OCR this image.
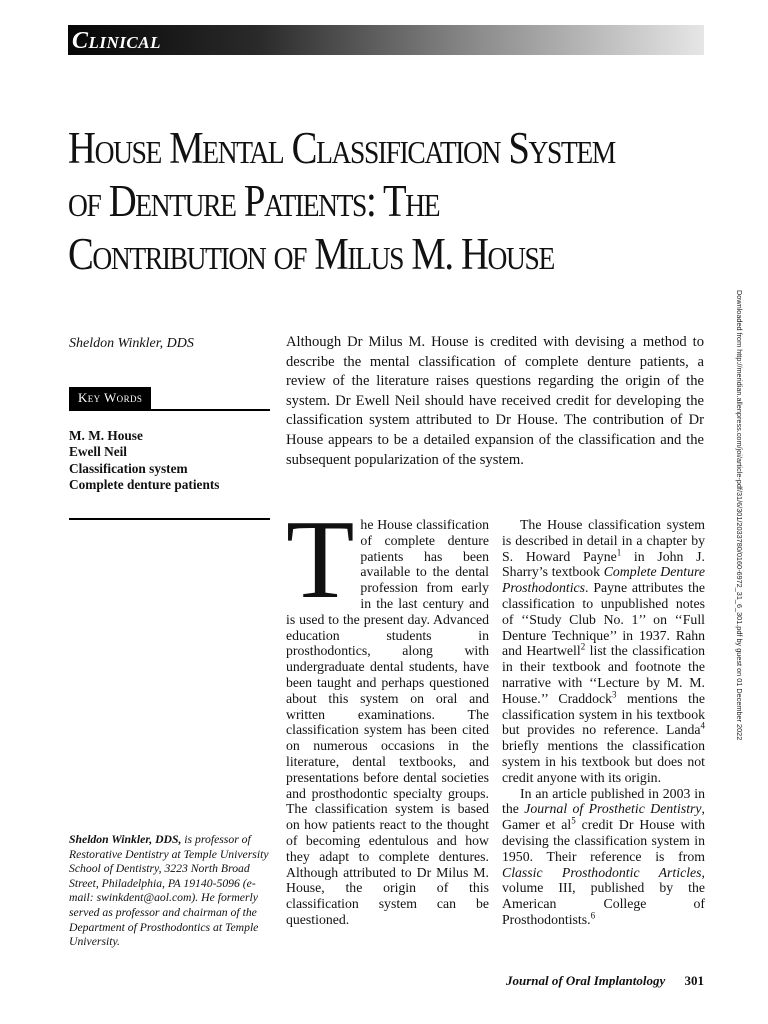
Clinical
House Mental Classification System of Denture Patients: The Contribution of Milus M. House
Sheldon Winkler, DDS
Key Words
M. M. House
Ewell Neil
Classification system
Complete denture patients

Although Dr Milus M. House is credited with devising a method to describe the mental classification of complete denture patients, a review of the literature raises questions regarding the origin of the system. Dr Ewell Neil should have received credit for developing the classification system attributed to Dr House. The contribution of Dr House appears to be a detailed expansion of the classification and the subsequent popularization of the system.

T he House classification of complete denture patients has been available to the dental profession from early in the last century and is used to the present day. Advanced education students in prosthodontics, along with undergraduate dental students, have been taught and perhaps questioned about this system on oral and written examinations. The classification system has been cited on numerous occasions in the literature, dental textbooks, and presentations before dental societies and prosthodontic specialty groups. The classification system is based on how patients react to the thought of becoming edentulous and how they adapt to complete dentures. Although attributed to Dr Milus M. House, the origin of this classification system can be questioned.

The House classification system is described in detail in a chapter by S. Howard Payne$^1$ in John J. Sharry’s textbook Complete Denture Prosthodontics. Payne attributes the classification to unpublished notes of ‘‘Study Club No. 1’’ on ‘‘Full Denture Technique’’ in 1937. Rahn and Heartwell$^2$ list the classification in their textbook and footnote the narrative with ‘‘Lecture by M. M. House.’’ Craddock$^3$ mentions the classification system in his textbook but provides no reference. Landa$^4$ briefly mentions the classification system in his textbook but does not credit anyone with its origin.

In an article published in 2003 in the Journal of Prosthetic Dentistry, Gamer et $al^5$ credit Dr House with devising the classification system in 1950. Their reference is from Classic Prosthodontic Articles, volume III, published by the American College of Prosthodontists.$^6$

Sheldon Winkler, DDS, is professor of Restorative Dentistry at Temple University School of Dentistry, 3223 North Broad Street, Philadelphia, PA 19140-5096 (e-mail: swinkdent@aol.com). He formerly served as professor and chairman of the Department of Prosthodontics at Temple University.

Journal of Oral Implantology 301
Downloaded from http://meridian.allenpress.com/joi/article-pdf/31/6/301/2033780/0160-6972_31_6_301.pdf by guest on 01 December 2022
